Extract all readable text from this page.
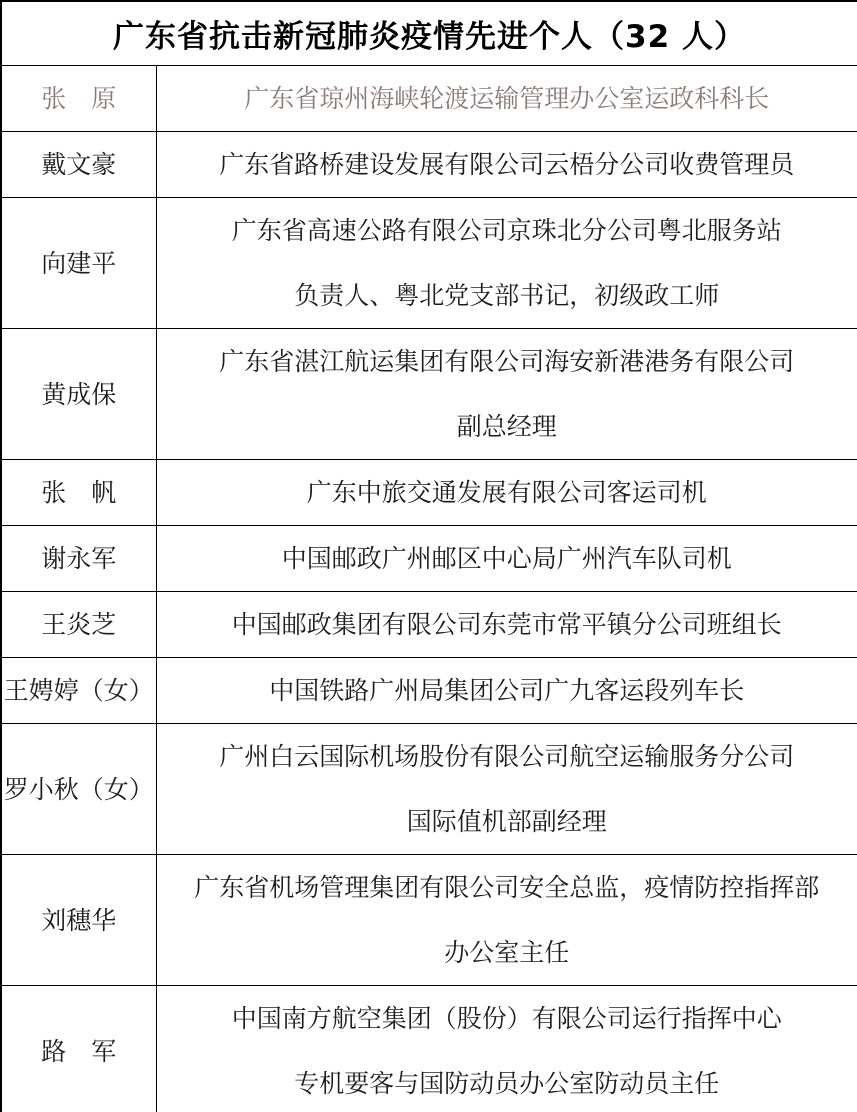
广东省抗击新冠肺炎疫情先进个人（32 人）	
张　原	广东省琼州海峡轮渡运输管理办公室运政科科长

戴文豪	广东省路桥建设发展有限公司云梧分公司收费管理员

向建平	广东省高速公路有限公司京珠北分公司粤北服务站
负责人、粤北党支部书记，初级政工师

黄成保	广东省湛江航运集团有限公司海安新港港务有限公司
副总经理

张　帆	广东中旅交通发展有限公司客运司机

谢永军	中国邮政广州邮区中心局广州汽车队司机

王炎芝	中国邮政集团有限公司东莞市常平镇分公司班组长

王娉婷（女）	中国铁路广州局集团公司广九客运段列车长

罗小秋（女）	广州白云国际机场股份有限公司航空运输服务分公司
国际值机部副经理

刘穗华	广东省机场管理集团有限公司安全总监，疫情防控指挥部
办公室主任

路　军	中国南方航空集团（股份）有限公司运行指挥中心
专机要客与国防动员办公室防动员主任
